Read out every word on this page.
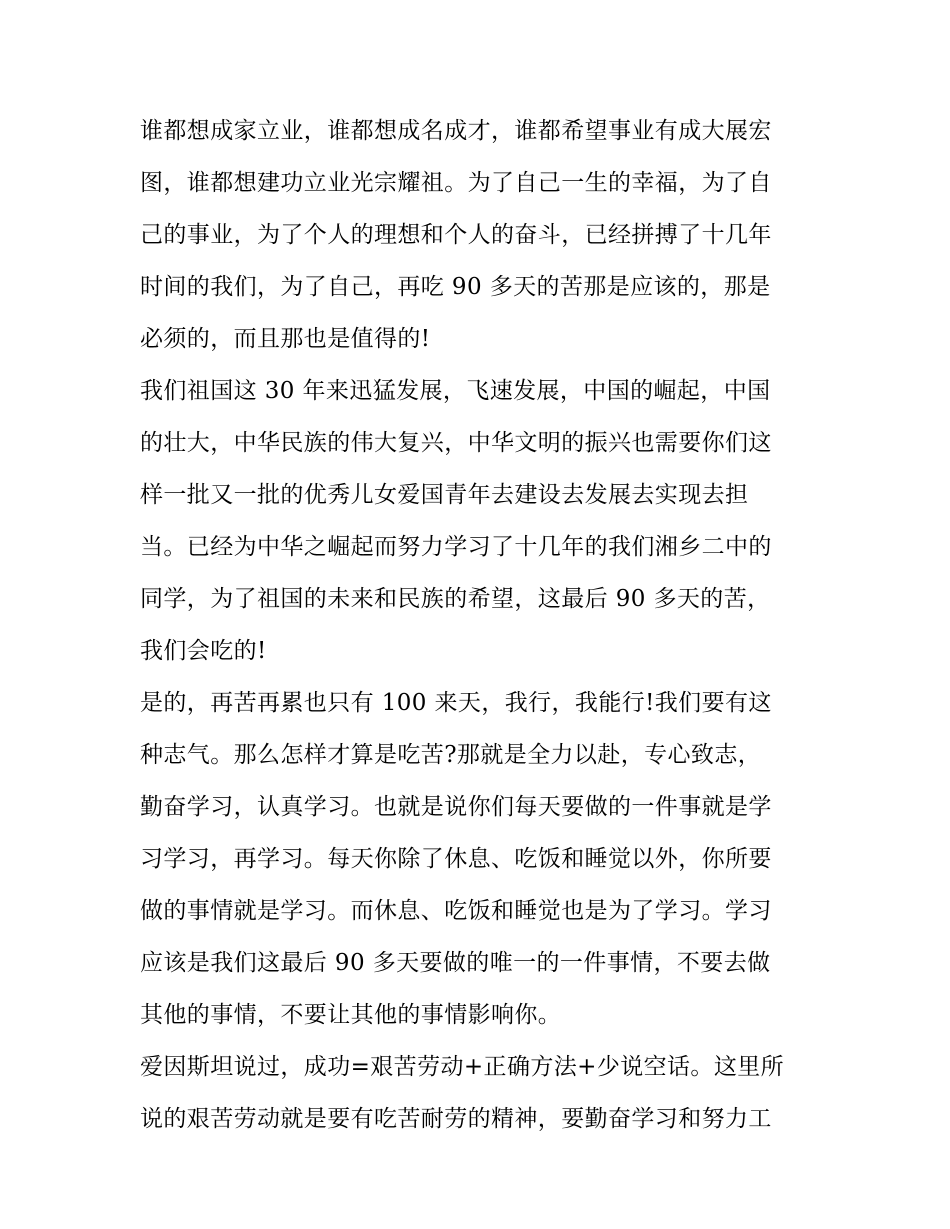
谁都想成家立业，谁都想成名成才，谁都希望事业有成大展宏
图，谁都想建功立业光宗耀祖。为了自己一生的幸福，为了自
己的事业，为了个人的理想和个人的奋斗，已经拼搏了十几年
时间的我们，为了自己，再吃 90 多天的苦那是应该的，那是
必须的，而且那也是值得的!
我们祖国这 30 年来迅猛发展，飞速发展，中国的崛起，中国
的壮大，中华民族的伟大复兴，中华文明的振兴也需要你们这
样一批又一批的优秀儿女爱国青年去建设去发展去实现去担
当。已经为中华之崛起而努力学习了十几年的我们湘乡二中的
同学，为了祖国的未来和民族的希望，这最后 90 多天的苦，
我们会吃的!
是的，再苦再累也只有 100 来天，我行，我能行!我们要有这
种志气。那么怎样才算是吃苦?那就是全力以赴，专心致志，
勤奋学习，认真学习。也就是说你们每天要做的一件事就是学
习学习，再学习。每天你除了休息、吃饭和睡觉以外，你所要
做的事情就是学习。而休息、吃饭和睡觉也是为了学习。学习
应该是我们这最后 90 多天要做的唯一的一件事情，不要去做
其他的事情，不要让其他的事情影响你。
爱因斯坦说过，成功=艰苦劳动+正确方法+少说空话。这里所
说的艰苦劳动就是要有吃苦耐劳的精神，要勤奋学习和努力工
